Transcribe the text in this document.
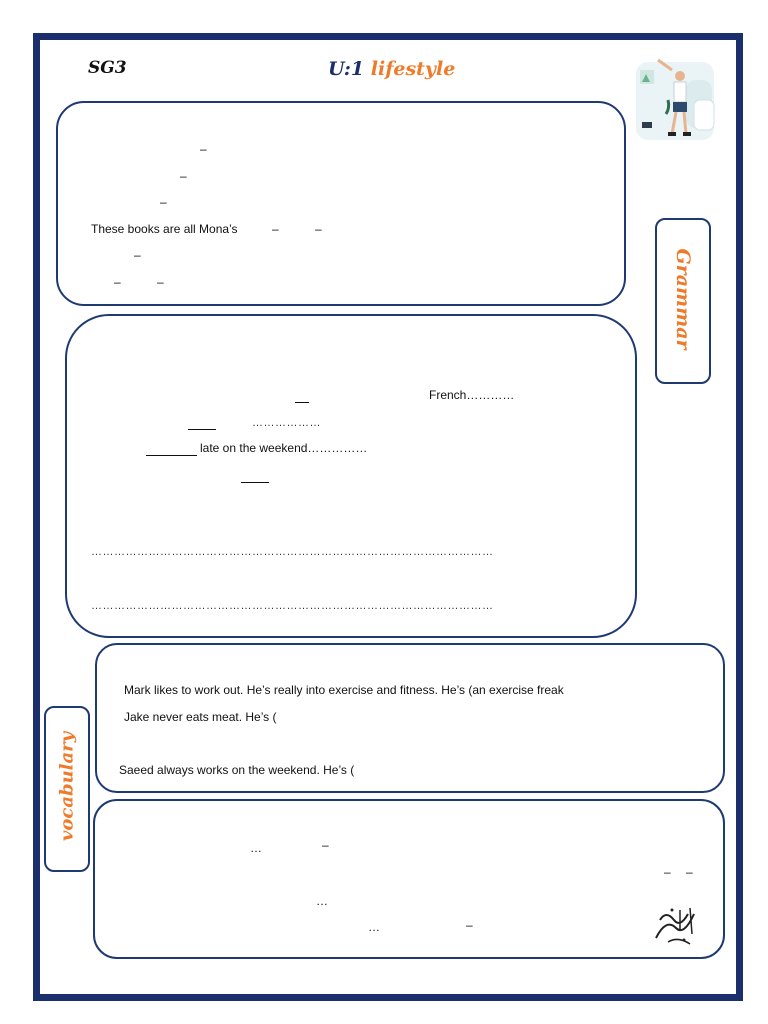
SG3	U:1 lifestyle
Grammar
–
–
–
These books are all Mona’s	–	–
–
–	–
French…………
………………
late on the weekend……………
……………………………………………………………………………………………
……………………………………………………………………………………………
Mark likes to work out. He’s really into exercise and fitness. He’s (an exercise freak
Jake never eats meat. He’s (
Saeed always works on the weekend. He’s (
vocabulary
…	–
– –
…
…	–
